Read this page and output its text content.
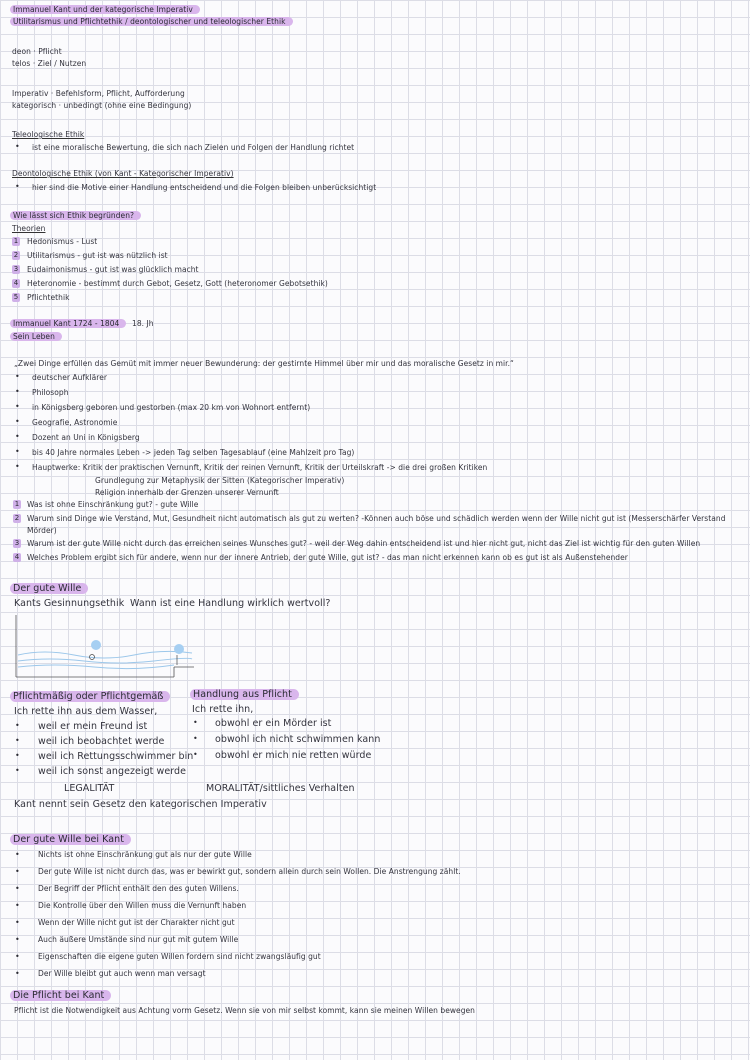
Immanuel Kant und der kategorische Imperativ
Utilitarismus und Pflichtethik / deontologischer und teleologischer Ethik
deon · Pflicht
telos · Ziel / Nutzen
Imperativ · Befehlsform, Pflicht, Aufforderung
kategorisch · unbedingt (ohne eine Bedingung)
Teleologische Ethik
• ist eine moralische Bewertung, die sich nach Zielen und Folgen der Handlung richtet
Deontologische Ethik (von Kant - Kategorischer Imperativ)
• hier sind die Motive einer Handlung entscheidend und die Folgen bleiben unberücksichtigt
Wie lässt sich Ethik begründen?
Theorien
1 Hedonismus - Lust
2 Utilitarismus - gut ist was nützlich ist
3 Eudaimonismus - gut ist was glücklich macht
4 Heteronomie - bestimmt durch Gebot, Gesetz, Gott (heteronomer Gebotsethik)
5 Pflichtethik
Immanuel Kant 1724 - 1804	18. Jh
Sein Leben
„Zwei Dinge erfüllen das Gemüt mit immer neuer Bewunderung: der gestirnte Himmel über mir und das moralische Gesetz in mir.“
• deutscher Aufklärer
• Philosoph
• in Königsberg geboren und gestorben (max 20 km von Wohnort entfernt)
• Geografie, Astronomie
• Dozent an Uni in Königsberg
• bis 40 Jahre normales Leben -> jeden Tag selben Tagesablauf (eine Mahlzeit pro Tag)
• Hauptwerke: Kritik der praktischen Vernunft, Kritik der reinen Vernunft, Kritik der Urteilskraft -> die drei großen Kritiken
Grundlegung zur Metaphysik der Sitten (Kategorischer Imperativ)
Religion innerhalb der Grenzen unserer Vernunft
1 Was ist ohne Einschränkung gut? - gute Wille
2 Warum sind Dinge wie Verstand, Mut, Gesundheit nicht automatisch als gut zu werten? -Können auch böse und schädlich werden wenn der Wille nicht gut ist (Messerschärfer Verstand
Mörder)
3 Warum ist der gute Wille nicht durch das erreichen seines Wunsches gut? - weil der Weg dahin entscheidend ist und hier nicht gut, nicht das Ziel ist wichtig für den guten Willen
4 Welches Problem ergibt sich für andere, wenn nur der innere Antrieb, der gute Wille, gut ist? - das man nicht erkennen kann ob es gut ist als Außenstehender
Der gute Wille
Kants Gesinnungsethik Wann ist eine Handlung wirklich wertvoll?
Pflichtmäßig oder Pflichtgemäß	Handlung aus Pflicht
Ich rette ihn aus dem Wasser,
• weil er mein Freund ist
• weil ich beobachtet werde
• weil ich Rettungsschwimmer bin
• weil ich sonst angezeigt werde
LEGALITÄT
Ich rette ihn,
• obwohl er ein Mörder ist
• obwohl ich nicht schwimmen kann
• obwohl er mich nie retten würde
MORALITÄT/sittliches Verhalten
Kant nennt sein Gesetz den kategorischen Imperativ
Der gute Wille bei Kant
• Nichts ist ohne Einschränkung gut als nur der gute Wille
• Der gute Wille ist nicht durch das, was er bewirkt gut, sondern allein durch sein Wollen. Die Anstrengung zählt.
• Der Begriff der Pflicht enthält den des guten Willens.
• Die Kontrolle über den Willen muss die Vernunft haben
• Wenn der Wille nicht gut ist der Charakter nicht gut
• Auch äußere Umstände sind nur gut mit gutem Wille
• Eigenschaften die eigene guten Willen fordern sind nicht zwangsläufig gut
• Der Wille bleibt gut auch wenn man versagt
Die Pflicht bei Kant
Pflicht ist die Notwendigkeit aus Achtung vorm Gesetz. Wenn sie von mir selbst kommt, kann sie meinen Willen bewegen
